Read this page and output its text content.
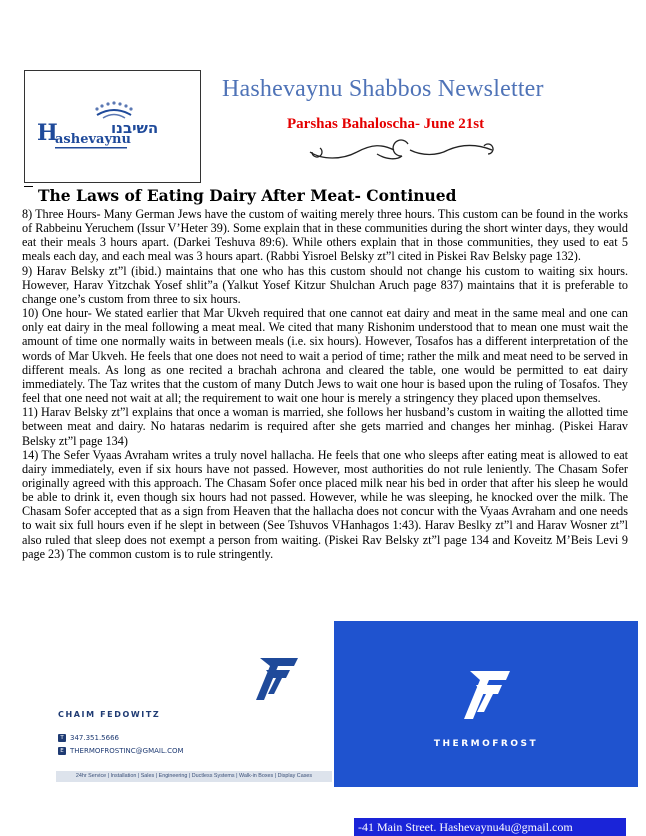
השיבנו
H
ashevaynu
Hashevaynu Shabbos Newsletter
Parshas Bahaloscha- June 21st
The Laws of Eating Dairy After Meat- Continued

8) Three Hours- Many German Jews have the custom of waiting merely three hours. This custom can be found in the works of Rabbeinu Yeruchem (Issur V’Heter 39). Some explain that in these communities during the short winter days, they would eat their meals 3 hours apart. (Darkei Teshuva 89:6). While others explain that in those communities, they used to eat 5 meals each day, and each meal was 3 hours apart. (Rabbi Yisroel Belsky zt”l cited in Piskei Rav Belsky page 132).

9) Harav Belsky zt”l (ibid.) maintains that one who has this custom should not change his custom to waiting six hours. However, Harav Yitzchak Yosef shlit”a (Yalkut Yosef Kitzur Shulchan Aruch page 837) maintains that it is preferable to change one’s custom from three to six hours.

10) One hour- We stated earlier that Mar Ukveh required that one cannot eat dairy and meat in the same meal and one can only eat dairy in the meal following a meat meal. We cited that many Rishonim understood that to mean one must wait the amount of time one normally waits in between meals (i.e. six hours). However, Tosafos has a different interpretation of the words of Mar Ukveh. He feels that one does not need to wait a period of time; rather the milk and meat need to be served in different meals. As long as one recited a brachah achrona and cleared the table, one would be permitted to eat dairy immediately. The Taz writes that the custom of many Dutch Jews to wait one hour is based upon the ruling of Tosafos. They feel that one need not wait at all; the requirement to wait one hour is merely a stringency they placed upon themselves.

11) Harav Belsky zt”l explains that once a woman is married, she follows her husband’s custom in waiting the allotted time between meat and dairy. No hataras nedarim is required after she gets married and changes her minhag. (Piskei Harav Belsky zt”l page 134)

14) The Sefer Vyaas Avraham writes a truly novel hallacha. He feels that one who sleeps after eating meat is allowed to eat dairy immediately, even if six hours have not passed. However, most authorities do not rule leniently. The Chasam Sofer originally agreed with this approach. The Chasam Sofer once placed milk near his bed in order that after his sleep he would be able to drink it, even though six hours had not passed. However, while he was sleeping, he knocked over the milk. The Chasam Sofer accepted that as a sign from Heaven that the hallacha does not concur with the Vyaas Avraham and one needs to wait six full hours even if he slept in between (See Tshuvos VHanhagos 1:43). Harav Beslky zt”l and Harav Wosner zt”l also ruled that sleep does not exempt a person from waiting. (Piskei Rav Belsky zt”l page 134 and Koveitz M’Beis Levi 9 page 23) The common custom is to rule stringently.

CHAIM FEDOWITZ
T 347.351.5666
E THERMOFROSTINC@GMAIL.COM
24hr Service | Installation | Sales | Engineering | Ductless Systems | Walk-in Boxes | Display Cases
THERMOFROST
-41 Main Street. Hashevaynu4u@gmail.com
